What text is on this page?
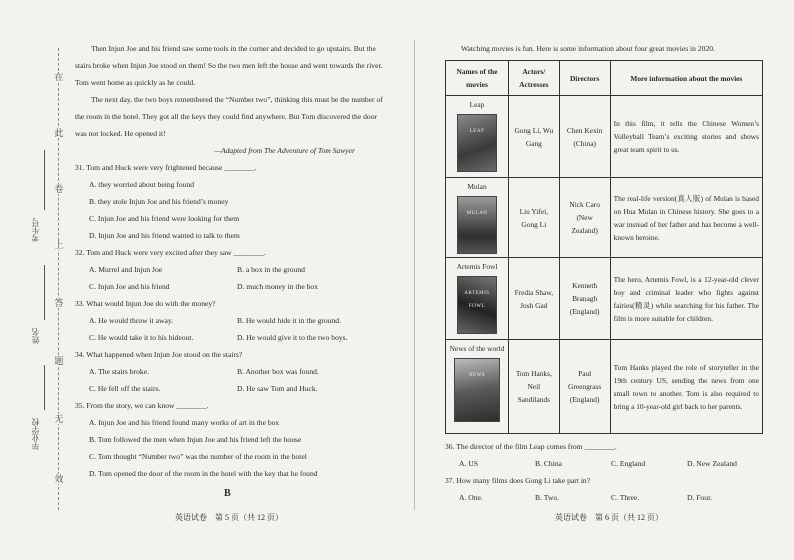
在
此
卷
上
答
题
无
效
考生号
姓名
毕业学校

Then Injun Joe and his friend saw some tools in the corner and decided to go upstairs. But the stairs broke when Injun Joe stood on them! So the two men left the house and went towards the river. Tom went home as quickly as he could.

The next day, the two boys remembered the “Number two”, thinking this must be the number of the room in the hotel. They got all the keys they could find anywhere. But Tom discovered the door was not locked. He opened it!

—Adapted from The Adventure of Tom Sawyer

31. Tom and Huck were very frightened because ________.

A. they worried about being found

B. they stole Injun Joe and his friend’s money

C. Injun Joe and his friend were looking for them

D. Injun Joe and his friend wanted to talk to them

32. Tom and Huck were very excited after they saw ________.

A. Murrel and Injun Joe	B. a box in the ground
C. Injun Joe and his friend	D. much money in the box

33. What would Injun Joe do with the money?

A. He would throw it away.	B. He would hide it in the ground.
C. He would take it to his hideout.	D. He would give it to the two boys.

34. What happened when Injun Joe stood on the stairs?

A. The stairs broke.	B. Another box was found.
C. He fell off the stairs.	D. He saw Tom and Huck.

35. From the story, we can know ________.

A. Injun Joe and his friend found many works of art in the box

B. Tom followed the men when Injun Joe and his friend left the house

C. Tom thought “Number two” was the number of the room in the hotel

D. Tom opened the door of the room in the hotel with the key that he found

B
英语试卷　第 5 页（共 12 页）

Watching movies is fun. Here is some information about four great movies in 2020.

Names of the movies	Actors/ Actresses	Directors	More information about the movies

Leap
LEAP	Gong Li, Wu Gang	Chen Kexin (China)	In this film, it tells the Chinese Women’s Volleyball Team’s exciting stories and shows great team spirit to us.

Mulan
MULAN	Liu Yifei, Gong Li	Nick Caro (New Zealand)	The real-life version(真人版) of Mulan is based on Hua Mulan in Chinese history. She goes to a war instead of her father and has become a well-known heroine.

Artemis Fowl
ARTEMIS FOWL	Fredia Shaw, Josh Gad	Kenneth Branagh (England)	The hero, Artemis Fowl, is a 12-year-old clever boy and criminal leader who fights against fairies(精灵) while searching for his father. The film is more suitable for children.

News of the world
NEWS	Tom Hanks, Neil Sandilands	Paul Greengrass (England)	Tom Hanks played the role of storyteller in the 19th century US, sending the news from one small town to another. Tom is also required to bring a 10-year-old girl back to her parents.

36. The director of the film Leap comes from ________.

A. US	B. China	C. England	D. New Zealand

37. How many films does Gong Li take part in?

A. One.	B. Two.	C. Three.	D. Four.
英语试卷　第 6 页（共 12 页）
